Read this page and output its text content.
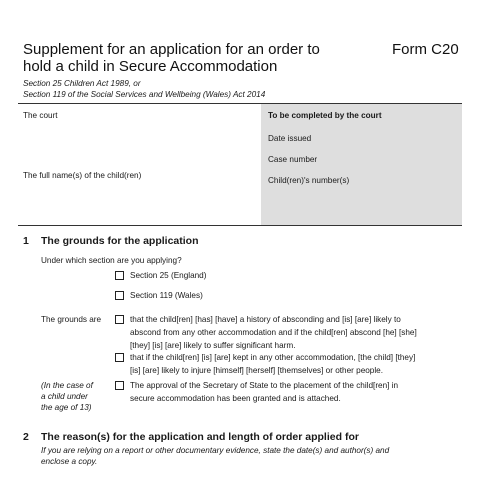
Supplement for an application for an order to hold a child in Secure Accommodation
Form C20
Section 25 Children Act 1989, or
Section 119 of the Social Services and Wellbeing (Wales) Act 2014
The court
The full name(s) of the child(ren)
To be completed by the court
Date issued
Case number
Child(ren)'s number(s)
1 The grounds for the application
Under which section are you applying?
Section 25 (England)
Section 119 (Wales)
The grounds are	that the child[ren] [has] [have] a history of absconding and [is] [are] likely to
abscond from any other accommodation and if the child[ren] abscond [he] [she]
[they] [is] [are] likely to suffer significant harm.
that if the child[ren] [is] [are] kept in any other accommodation, [the child] [they]
[is] [are] likely to injure [himself] [herself] [themselves] or other people.
(In the case of
a child under
the age of 13)
The approval of the Secretary of State to the placement of the child[ren] in
secure accommodation has been granted and is attached.
2 The reason(s) for the application and length of order applied for
If you are relying on a report or other documentary evidence, state the date(s) and author(s) and
enclose a copy.
